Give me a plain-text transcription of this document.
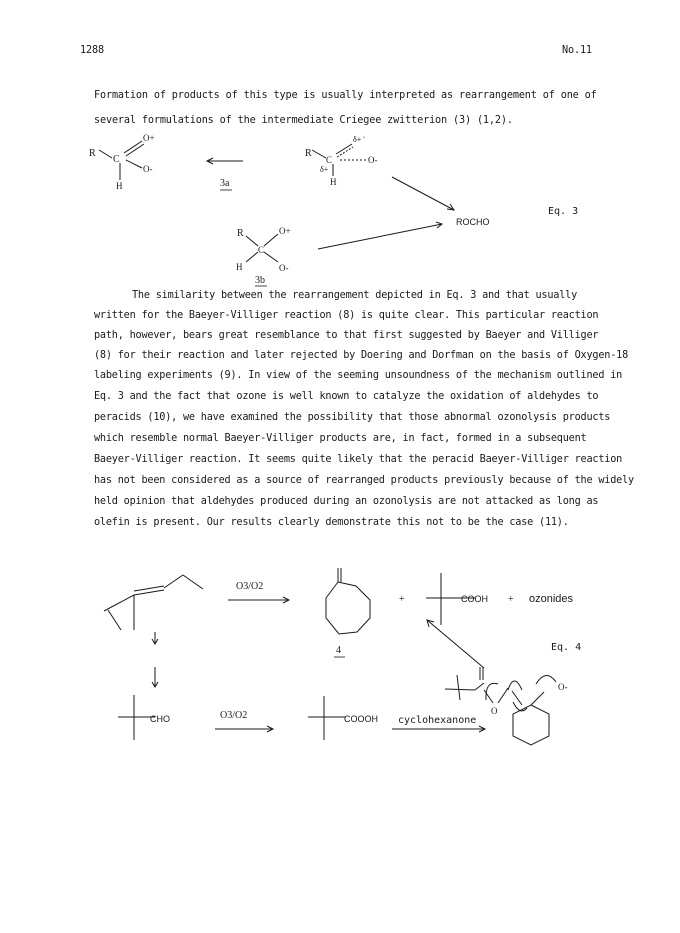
1288	No.11
Formation of products of this type is usually interpreted as rearrangement of one of
several formulations of the intermediate Criegee zwitterion (3) (1,2).
R
C
O+
O-
H	3a
R
C
δ+ '
δ+
O-
H
ROCHO
Eq. 3
R
C
O+
O-
H
3b
The similarity between the rearrangement depicted in Eq. 3 and that usually
written for the Baeyer-Villiger reaction (8) is quite clear. This particular reaction
path, however, bears great resemblance to that first suggested by Baeyer and Villiger
(8) for their reaction and later rejected by Doering and Dorfman on the basis of Oxygen-18
labeling experiments (9). In view of the seeming unsoundness of the mechanism outlined in
Eq. 3 and the fact that ozone is well known to catalyze the oxidation of aldehydes to
peracids (10), we have examined the possibility that those abnormal ozonolysis products
which resemble normal Baeyer-Villiger products are, in fact, formed in a subsequent
Baeyer-Villiger reaction. It seems quite likely that the peracid Baeyer-Villiger reaction
has not been considered as a source of rearranged products previously because of the widely
held opinion that aldehydes produced during an ozonolysis are not attacked as long as
olefin is present. Our results clearly demonstrate this not to be the case (11).
O3/O2
4
+	COOH + ozonides
Eq. 4
CHO	O3/O2	COOOH cyclohexanone
O
O-
